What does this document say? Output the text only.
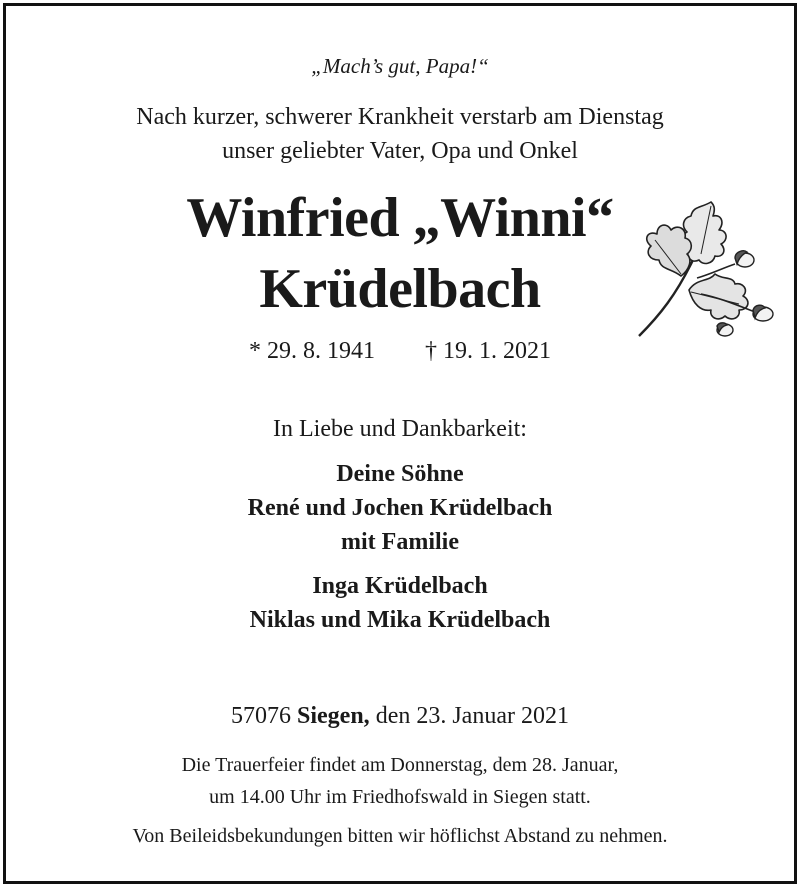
„Mach’s gut, Papa!“
Nach kurzer, schwerer Krankheit verstarb am Dienstag
unser geliebter Vater, Opa und Onkel
Winfried „Winni“
Krüdelbach
* 29. 8. 1941 † 19. 1. 2021
In Liebe und Dankbarkeit:
Deine Söhne
René und Jochen Krüdelbach
mit Familie
Inga Krüdelbach
Niklas und Mika Krüdelbach
57076 Siegen, den 23. Januar 2021
Die Trauerfeier findet am Donnerstag, dem 28. Januar,
um 14.00 Uhr im Friedhofswald in Siegen statt.
Von Beileidsbekundungen bitten wir höflichst Abstand zu nehmen.
